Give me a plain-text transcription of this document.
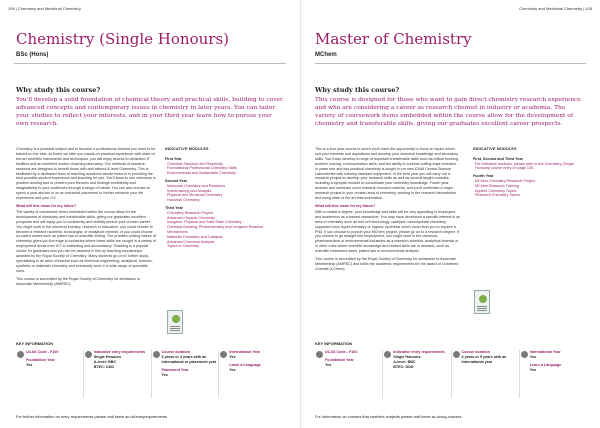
106 | Chemistry and Medicinal Chemistry
Chemistry (Single Honours)
BSc (Hons)
Why study this course?
You'll develop a solid foundation of chemical theory and practical skills, building to cover advanced concepts and contemporary issues in chemistry in later years. You can tailor your studies to reflect your interests, and in your third year learn how to pursue your own research.

Chemistry is a practical subject and to become a professional chemist you need to be trained on the best. At Keele we offer you hands-on practical experience with state-of-the-art scientific instruments and techniques, you will enjoy access to dedicated IT facilities and an excellent modern teaching laboratory. Our methods of research sessions are designed to benefit those with and without A-level Chemistry. This is facilitated by a dedicated team of teaching academic whose focus is in providing the best possible student experience and teaching for you. You'll learn to use chemistry in problem-solving and to present your theories and findings confidently and imaginatively to your audiences through a range of media. You can also choose to spend a year abroad or on an industrial placement to further enhance your life experience and your CV.

What will this mean for my future?

The variety of coursework items embedded within the course allow for the development of chemistry and transferable skills, giving our graduates excellent prospects and will equip you to confidently and skilfully pursue your chosen career. You might work in the chemical industry, research or education; you could choose to become a research scientist, toxicologist, or analytical chemist; or you could choose so-called career such as patent law or scientific writing. The problem-solving nature of chemistry gives you the edge in industries where these skills are sought in a variety of employment areas from ICT to marketing and accountancy. Teaching is a popular choice for graduates and you can be assisted in this by teaching scholarships awarded by the Royal Society of Chemistry. Many students go on to further study, specialising in an area of interest such as chemical engineering, analytical, forensic, synthetic or materials chemistry and eventually work in a wide range of specialist roles.

This course is accredited by the Royal Society of Chemistry for admission to Associate Membership (AMRSC).

INDICATIVE MODULES
First Year
Chemical Structure and Reactivity
Foundational Professional Chemistry Skills
Environmental and Sustainable Chemistry
Second Year
Molecular Chemistry and Reactions
Spectroscopy and Analysis
Physical and Structural Chemistry
Industrial Chemistry
Third Year
Chemistry Research Project
Advanced Organic Chemistry
Inorganic, Physical and Solid State Chemistry
Chemical Bonding, Photochemistry and Inorganic Reaction Mechanisms
Materials Chemistry and Catalysis
Advanced Chemical Analysis
Topics in Chemistry
KEY INFORMATION
UCAS Code - F100
Foundation Year
Yes
Indicative entry requirements
Single Honours
A-level: BBC
BTEC: DDD
Course duration
3 years or 4 years with an international or placement year
Placement Year
Yes
International Year
Yes
Learn a Language
Yes
For further information on entry requirements please visit keele.ac.uk/entryrequirements
Chemistry and Medicinal Chemistry | 108
Master of Chemistry
MChem
Why study this course?
This course is designed for those who want to gain direct chemistry research experience and who are considering a career as research chemist in industry or academia. The variety of coursework items embedded within the course allow for the development of chemistry and transferable skills, giving our graduates excellent career prospects.

This is a four year course in which you'll have the opportunity to focus on topics which suit your interests and aspirations and develop your chemical knowledge and laboratory skills. You'll also develop a range of important transferable skills such as critical thinking, problem solving, communication skills, and the ability to conduct cutting edge research. In years one and two practical chemistry is taught in our new £34M Central Science Laboratories with industry standard equipment. In the third year you will carry out a research project to develop your research skills as well as several taught modules, including a synoptic module to consolidate your chemistry knowledge. Fourth year lectures and seminars cover research focused material, and you'll undertake a major research project in your chosen area of chemistry, working in the research laboratories and using state of the art instrumentation.

What will this mean for my future?

With a master's degree, your knowledge and skills will be very appealing to employers and academics as a trained researcher. You may have developed a specific interest in an area of chemistry such as fuel cell technology, catalysis, carbohydrate chemistry, supported ionic liquid chemistry or organic synthesis which could lead you to explore a PhD. If you choose to pursue your MChem project, please go on to a research degree. If you choose to go straight into employment, you might work in the chemical, pharmaceutical or environmental industries as a research scientist, analytical chemist or in other roles where scientific knowledge and related skills are in demand, such as scientific instrument sales, patent law or environmental analysis.

This course is accredited by the Royal Society of Chemistry for admission to Associate Membership (AMRSC) and fulfils the academic requirements for the award of Chartered Chemist (CChem).

INDICATIVE MODULES
First, Second and Third Year
For indicative modules, please refer to the Chemistry (Single Honours) course entry on page 106.
Fourth Year
MChem Chemistry Research Project
MChem Research Training
Applied Chemistry Topics
Research Chemistry Topics
KEY INFORMATION
UCAS Code - F102
Foundation Year
Yes
Indicative entry requirements
Single Honours
A-level: BBC
BTEC: DDD
Course duration
4 years or 5 years with an international year
International Year
Yes
Learn a Language
Yes
For information on courses that combine subjects please visit keele.ac.uk/ug-courses
